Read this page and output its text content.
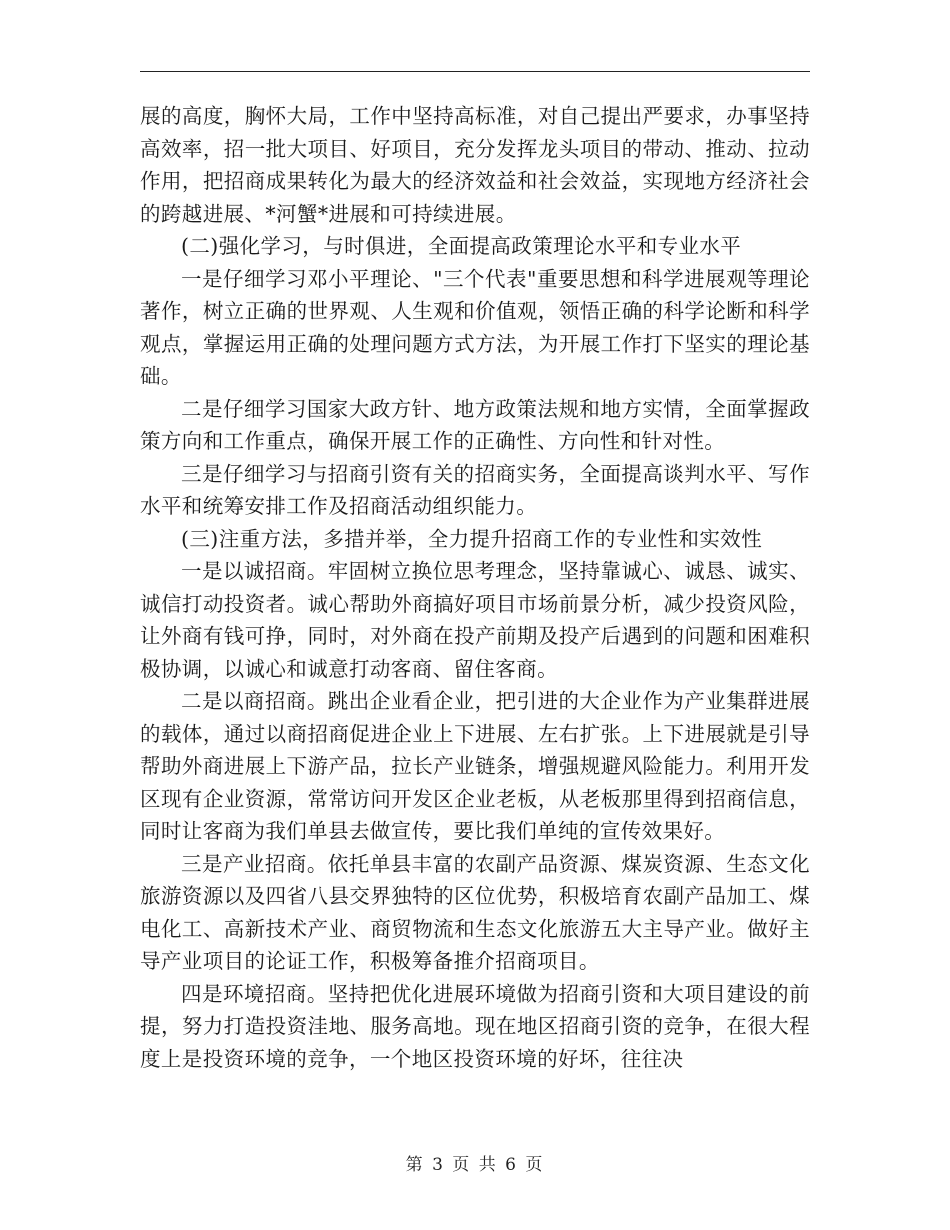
展的高度，胸怀大局，工作中坚持高标准，对自己提出严要求，办事坚持高效率，招一批大项目、好项目，充分发挥龙头项目的带动、推动、拉动作用，把招商成果转化为最大的经济效益和社会效益，实现地方经济社会的跨越进展、*河蟹*进展和可持续进展。

(二)强化学习，与时俱进，全面提高政策理论水平和专业水平

一是仔细学习邓小平理论、"三个代表"重要思想和科学进展观等理论著作，树立正确的世界观、人生观和价值观，领悟正确的科学论断和科学观点，掌握运用正确的处理问题方式方法，为开展工作打下坚实的理论基础。

二是仔细学习国家大政方针、地方政策法规和地方实情，全面掌握政策方向和工作重点，确保开展工作的正确性、方向性和针对性。

三是仔细学习与招商引资有关的招商实务，全面提高谈判水平、写作水平和统筹安排工作及招商活动组织能力。

(三)注重方法，多措并举，全力提升招商工作的专业性和实效性

一是以诚招商。牢固树立换位思考理念，坚持靠诚心、诚恳、诚实、诚信打动投资者。诚心帮助外商搞好项目市场前景分析，减少投资风险，让外商有钱可挣，同时，对外商在投产前期及投产后遇到的问题和困难积极协调，以诚心和诚意打动客商、留住客商。

二是以商招商。跳出企业看企业，把引进的大企业作为产业集群进展的载体，通过以商招商促进企业上下进展、左右扩张。上下进展就是引导帮助外商进展上下游产品，拉长产业链条，增强规避风险能力。利用开发区现有企业资源，常常访问开发区企业老板，从老板那里得到招商信息，同时让客商为我们单县去做宣传，要比我们单纯的宣传效果好。

三是产业招商。依托单县丰富的农副产品资源、煤炭资源、生态文化旅游资源以及四省八县交界独特的区位优势，积极培育农副产品加工、煤电化工、高新技术产业、商贸物流和生态文化旅游五大主导产业。做好主导产业项目的论证工作，积极筹备推介招商项目。

四是环境招商。坚持把优化进展环境做为招商引资和大项目建设的前提，努力打造投资洼地、服务高地。现在地区招商引资的竞争，在很大程度上是投资环境的竞争，一个地区投资环境的好坏，往往决

第 3 页 共 6 页
